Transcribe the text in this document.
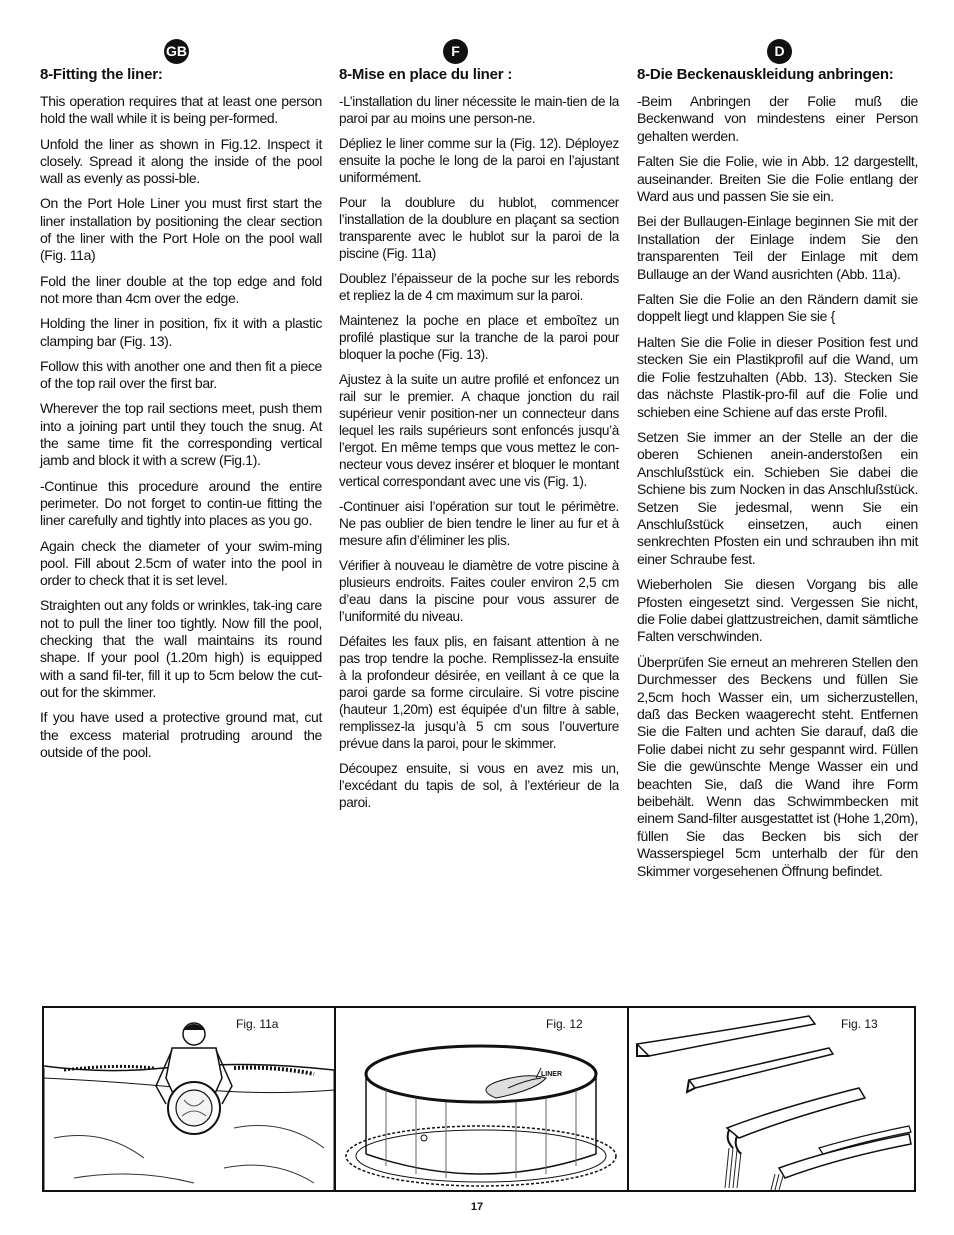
GB
8-Fitting the liner:

This operation requires that at least one person hold the wall while it is being per-formed.

Unfold the liner as shown in Fig.12. Inspect it closely. Spread it along the inside of the pool wall as evenly as possi-ble.

On the Port Hole Liner you must first start the liner installation by positioning the clear section of the liner with the Port Hole on the pool wall (Fig. 11a)

Fold the liner double at the top edge and fold not more than 4cm over the edge.

Holding the liner in position, fix it with a plastic clamping bar (Fig. 13).

Follow this with another one and then fit a piece of the top rail over the first bar.

Wherever the top rail sections meet, push them into a joining part until they touch the snug. At the same time fit the corresponding vertical jamb and block it with a screw (Fig.1).

-Continue this procedure around the entire perimeter. Do not forget to contin-ue fitting the liner carefully and tightly into places as you go.

Again check the diameter of your swim-ming pool. Fill about 2.5cm of water into the pool in order to check that it is set level.

Straighten out any folds or wrinkles, tak-ing care not to pull the liner too tightly. Now fill the pool, checking that the wall maintains its round shape. If your pool (1.20m high) is equipped with a sand fil-ter, fill it up to 5cm below the cut-out for the skimmer.

If you have used a protective ground mat, cut the excess material protruding around the outside of the pool.

F
8-Mise en place du liner :

-L’installation du liner nécessite le main-tien de la paroi par au moins une person-ne.

Dépliez le liner comme sur la (Fig. 12). Déployez ensuite la poche le long de la paroi en l’ajustant uniformément.

Pour la doublure du hublot, commencer l’installation de la doublure en plaçant sa section transparente avec le hublot sur la paroi de la piscine (Fig. 11a)

Doublez l’épaisseur de la poche sur les rebords et repliez la de 4 cm maximum sur la paroi.

Maintenez la poche en place et emboîtez un profilé plastique sur la tranche de la paroi pour bloquer la poche (Fig. 13).

Ajustez à la suite un autre profilé et enfoncez un rail sur le premier. A chaque jonction du rail supérieur venir position-ner un connecteur dans lequel les rails supérieurs sont enfoncés jusqu’à l’ergot. En même temps que vous mettez le con-necteur vous devez insérer et bloquer le montant vertical correspondant avec une vis (Fig. 1).

-Continuer aisi l’opération sur tout le périmètre. Ne pas oublier de bien tendre le liner au fur et à mesure afin d’éliminer les plis.

Vérifier à nouveau le diamètre de votre piscine à plusieurs endroits. Faites couler environ 2,5 cm d’eau dans la piscine pour vous assurer de l’uniformité du niveau.

Défaites les faux plis, en faisant attention à ne pas trop tendre la poche. Remplissez-la ensuite à la profondeur désirée, en veillant à ce que la paroi garde sa forme circulaire. Si votre piscine (hauteur 1,20m) est équipée d’un filtre à sable, remplissez-la jusqu’à 5 cm sous l’ouverture prévue dans la paroi, pour le skimmer.

Découpez ensuite, si vous en avez mis un, l’excédant du tapis de sol, à l’extérieur de la paroi.

D
8-Die Beckenauskleidung anbringen:

-Beim Anbringen der Folie muß die Beckenwand von mindestens einer Person gehalten werden.

Falten Sie die Folie, wie in Abb. 12 dargestellt, auseinander. Breiten Sie die Folie entlang der Ward aus und passen Sie sie ein.

Bei der Bullaugen-Einlage beginnen Sie mit der Installation der Einlage indem Sie den transparenten Teil der Einlage mit dem Bullauge an der Wand ausrichten (Abb. 11a).

Falten Sie die Folie an den Rändern damit sie doppelt liegt und klappen Sie sie {

Halten Sie die Folie in dieser Position fest und stecken Sie ein Plastikprofil auf die Wand, um die Folie festzuhalten (Abb. 13). Stecken Sie das nächste Plastik-pro-fil auf die Folie und schieben eine Schiene auf das erste Profil.

Setzen Sie immer an der Stelle an der die oberen Schienen anein-anderstoßen ein Anschlußstück ein. Schieben Sie dabei die Schiene bis zum Nocken in das Anschlußstück. Setzen Sie jedesmal, wenn Sie ein Anschlußstück einsetzen, auch einen senkrechten Pfosten ein und schrauben ihn mit einer Schraube fest.

Wieberholen Sie diesen Vorgang bis alle Pfosten eingesetzt sind. Vergessen Sie nicht, die Folie dabei glattzustreichen, damit sämtliche Falten verschwinden.

Überprüfen Sie erneut an mehreren Stellen den Durchmesser des Beckens und füllen Sie 2,5cm hoch Wasser ein, um sicherzustellen, daß das Becken waagerecht steht. Entfernen Sie die Falten und achten Sie darauf, daß die Folie dabei nicht zu sehr gespannt wird. Füllen Sie die gewünschte Menge Wasser ein und beachten Sie, daß die Wand ihre Form beibehält. Wenn das Schwimmbecken mit einem Sand-filter ausgestattet ist (Hohe 1,20m), füllen Sie das Becken bis sich der Wasserspiegel 5cm unterhalb der für den Skimmer vorgesehenen Öffnung befindet.

Fig. 11a
LINER
Fig. 12	Fig. 13
17
